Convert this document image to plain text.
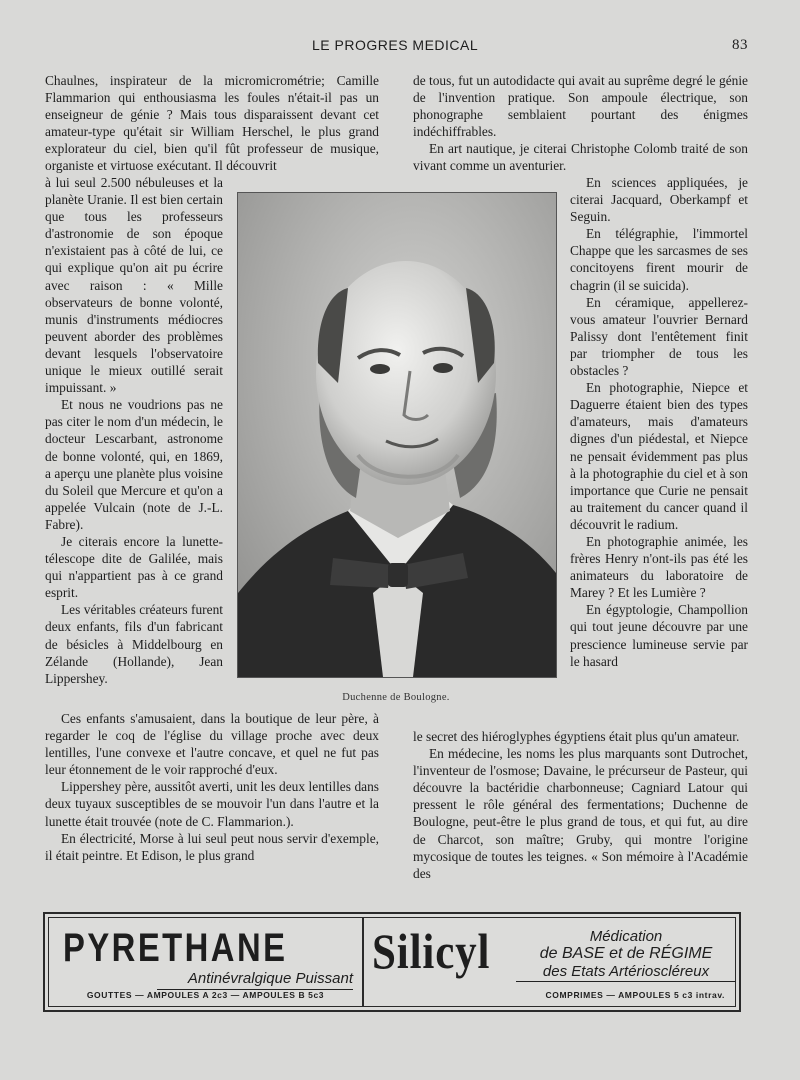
LE PROGRES MEDICAL	83

Chaulnes, inspirateur de la micromicrométrie; Camille Flammarion qui enthousiasma les foules n'était-il pas un enseigneur de génie ? Mais tous disparaissent devant cet amateur-type qu'était sir William Herschel, le plus grand explorateur du ciel, bien qu'il fût professeur de musique, organiste et virtuose exécutant. Il découvrit

à lui seul 2.500 nébuleuses et la planète Uranie. Il est bien certain que tous les professeurs d'astronomie de son époque n'existaient pas à côté de lui, ce qui explique qu'on ait pu écrire avec raison : « Mille observateurs de bonne volonté, munis d'instruments médiocres peuvent aborder des problèmes devant lesquels l'observatoire unique le mieux outillé serait impuissant. »

Et nous ne voudrions pas ne pas citer le nom d'un médecin, le docteur Lescarbant, astronome de bonne volonté, qui, en 1869, a aperçu une planète plus voisine du Soleil que Mercure et qu'on a appelée Vulcain (note de J.-L. Fabre).

Je citerais encore la lunette-télescope dite de Galilée, mais qui n'appartient pas à ce grand esprit.

Les véritables créateurs furent deux enfants, fils d'un fabricant de bésicles à Middelbourg en Zélande (Hollande), Jean Lippershey.

Ces enfants s'amusaient, dans la boutique de leur père, à regarder le coq de l'église du village proche avec deux lentilles, l'une convexe et l'autre concave, et quel ne fut pas leur étonnement de le voir rapproché d'eux.

Lippershey père, aussitôt averti, unit les deux lentilles dans deux tuyaux susceptibles de se mouvoir l'un dans l'autre et la lunette était trouvée (note de C. Flammarion.).

En électricité, Morse à lui seul peut nous servir d'exemple, il était peintre. Et Edison, le plus grand

Duchenne de Boulogne.

de tous, fut un autodidacte qui avait au suprême degré le génie de l'invention pratique. Son ampoule électrique, son phonographe semblaient pourtant des énigmes indéchiffrables.

En art nautique, je citerai Christophe Colomb traité de son vivant comme un aventurier.

En sciences appliquées, je citerai Jacquard, Oberkampf et Seguin.

En télégraphie, l'immortel Chappe que les sarcasmes de ses concitoyens firent mourir de chagrin (il se suicida).

En céramique, appellerez-vous amateur l'ouvrier Bernard Palissy dont l'entêtement finit par triompher de tous les obstacles ?

En photographie, Niepce et Daguerre étaient bien des types d'amateurs, mais d'amateurs dignes d'un piédestal, et Niepce ne pensait évidemment pas plus à la photographie du ciel et à son importance que Curie ne pensait au traitement du cancer quand il découvrit le radium.

En photographie animée, les frères Henry n'ont-ils pas été les animateurs du laboratoire de Marey ? Et les Lumière ?

En égyptologie, Champollion qui tout jeune découvre par une prescience lumineuse servie par le hasard

le secret des hiéroglyphes égyptiens était plus qu'un amateur.

En médecine, les noms les plus marquants sont Dutrochet, l'inventeur de l'osmose; Davaine, le précurseur de Pasteur, qui découvre la bactéridie charbonneuse; Cagniard Latour qui pressent le rôle général des fermentations; Duchenne de Boulogne, peut-être le plus grand de tous, et qui fut, au dire de Charcot, son maître; Gruby, qui montre l'origine mycosique de toutes les teignes. « Son mémoire à l'Académie des

PYRETHANE
Antinévralgique Puissant
GOUTTES — AMPOULES A 2c3 — AMPOULES B 5c3
Silicyl	Médication
de BASE et de RÉGIME
des Etats Artérioscléreux
COMPRIMES — AMPOULES 5 c3 intrav.
